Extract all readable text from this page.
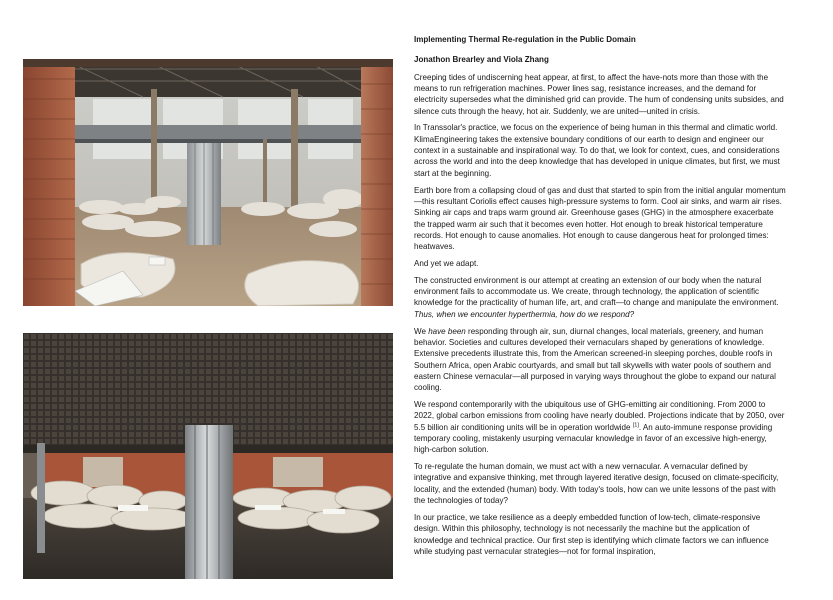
Implementing Thermal Re-regulation in the Public Domain
Jonathon Brearley and Viola Zhang

Creeping tides of undiscerning heat appear, at first, to affect the have-nots more than those with the means to run refrigeration machines. Power lines sag, resistance increases, and the demand for electricity supersedes what the diminished grid can provide. The hum of condensing units subsides, and silence cuts through the heavy, hot air. Suddenly, we are united—united in crisis.

In Transsolar's practice, we focus on the experience of being human in this thermal and climatic world. KlimaEngineering takes the extensive boundary conditions of our earth to design and engineer our context in a sustainable and inspirational way. To do that, we look for context, cues, and considerations across the world and into the deep knowledge that has developed in unique climates, but first, we must start at the beginning.

Earth bore from a collapsing cloud of gas and dust that started to spin from the initial angular momentum—this resultant Coriolis effect causes high-pressure systems to form. Cool air sinks, and warm air rises. Sinking air caps and traps warm ground air. Greenhouse gases (GHG) in the atmosphere exacerbate the trapped warm air such that it becomes even hotter. Hot enough to break historical temperature records. Hot enough to cause anomalies. Hot enough to cause dangerous heat for prolonged times: heatwaves.

And yet we adapt.

The constructed environment is our attempt at creating an extension of our body when the natural environment fails to accommodate us. We create, through technology, the application of scientific knowledge for the practicality of human life, art, and craft—to change and manipulate the environment. Thus, when we encounter hyperthermia, how do we respond?

We have been responding through air, sun, diurnal changes, local materials, greenery, and human behavior. Societies and cultures developed their vernaculars shaped by generations of knowledge. Extensive precedents illustrate this, from the American screened-in sleeping porches, double roofs in Southern Africa, open Arabic courtyards, and small but tall skywells with water pools of southern and eastern Chinese vernacular—all purposed in varying ways throughout the globe to expand our natural cooling.

We respond contemporarily with the ubiquitous use of GHG-emitting air conditioning. From 2000 to 2022, global carbon emissions from cooling have nearly doubled. Projections indicate that by 2050, over 5.5 billion air conditioning units will be in operation worldwide [1]. An auto-immune response providing temporary cooling, mistakenly usurping vernacular knowledge in favor of an excessive high-energy, high-carbon solution.

To re-regulate the human domain, we must act with a new vernacular. A vernacular defined by integrative and expansive thinking, met through layered iterative design, focused on climate-specificity, locality, and the extended (human) body. With today's tools, how can we unite lessons of the past with the technologies of today?

In our practice, we take resilience as a deeply embedded function of low-tech, climate-responsive design. Within this philosophy, technology is not necessarily the machine but the application of knowledge and technical practice. Our first step is identifying which climate factors we can influence while studying past vernacular strategies—not for formal inspiration,
